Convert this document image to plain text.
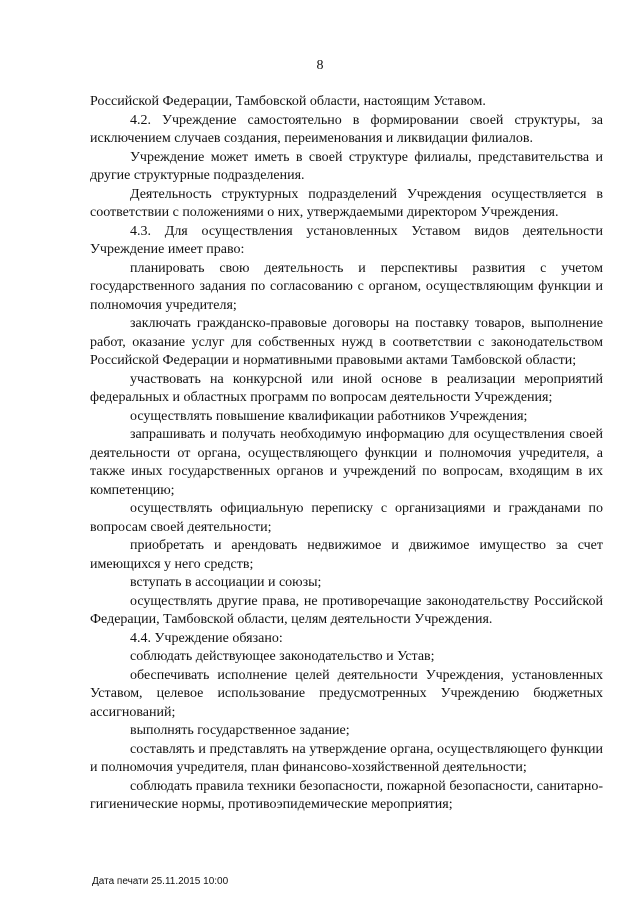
8

Российской Федерации, Тамбовской области, настоящим Уставом.

4.2. Учреждение самостоятельно в формировании своей структуры, за исключением случаев создания, переименования и ликвидации филиалов.

Учреждение может иметь в своей структуре филиалы, представительства и другие структурные подразделения.

Деятельность структурных подразделений Учреждения осуществляется в соответствии с положениями о них, утверждаемыми директором Учреждения.

4.3. Для осуществления установленных Уставом видов деятельности Учреждение имеет право:

планировать свою деятельность и перспективы развития с учетом государственного задания по согласованию с органом, осуществляющим функции и полномочия учредителя;

заключать гражданско-правовые договоры на поставку товаров, выполнение работ, оказание услуг для собственных нужд в соответствии с законодательством Российской Федерации и нормативными правовыми актами Тамбовской области;

участвовать на конкурсной или иной основе в реализации мероприятий федеральных и областных программ по вопросам деятельности Учреждения;

осуществлять повышение квалификации работников Учреждения;

запрашивать и получать необходимую информацию для осуществления своей деятельности от органа, осуществляющего функции и полномочия учредителя, а также иных государственных органов и учреждений по вопросам, входящим в их компетенцию;

осуществлять официальную переписку с организациями и гражданами по вопросам своей деятельности;

приобретать и арендовать недвижимое и движимое имущество за счет имеющихся у него средств;

вступать в ассоциации и союзы;

осуществлять другие права, не противоречащие законодательству Российской Федерации, Тамбовской области, целям деятельности Учреждения.

4.4. Учреждение обязано:

соблюдать действующее законодательство и Устав;

обеспечивать исполнение целей деятельности Учреждения, установленных Уставом, целевое использование предусмотренных Учреждению бюджетных ассигнований;

выполнять государственное задание;

составлять и представлять на утверждение органа, осуществляющего функции и полномочия учредителя, план финансово-хозяйственной деятельности;

соблюдать правила техники безопасности, пожарной безопасности, санитарно-гигиенические нормы, противоэпидемические мероприятия;

Дата печати 25.11.2015 10:00
